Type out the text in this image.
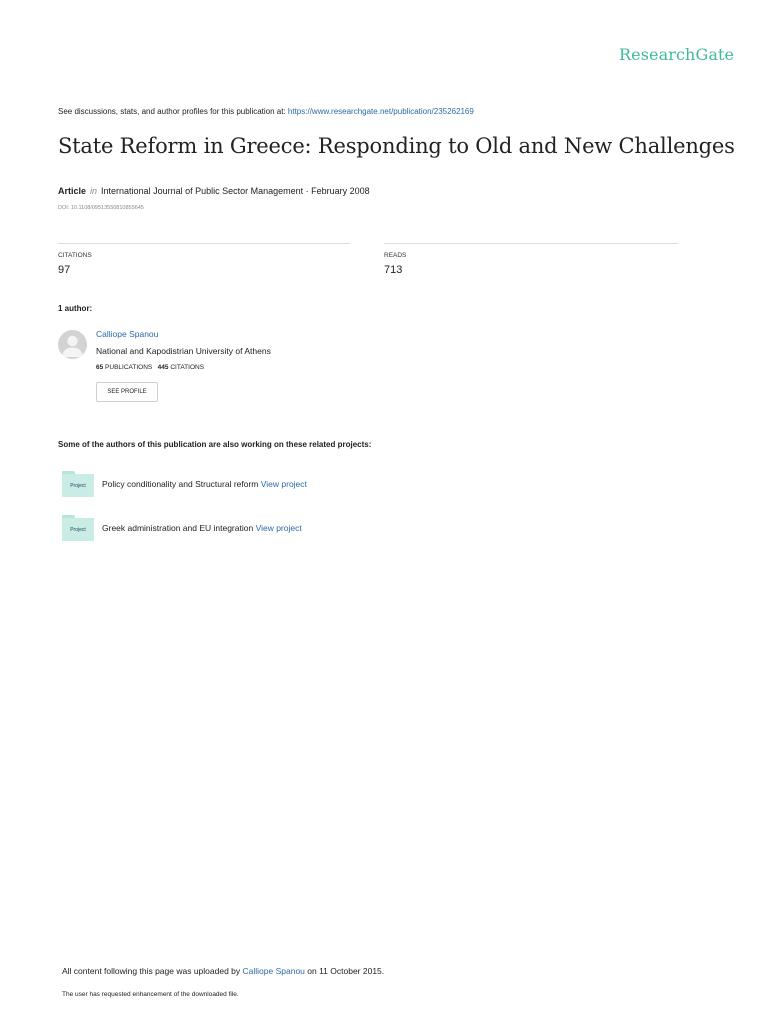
ResearchGate
See discussions, stats, and author profiles for this publication at: https://www.researchgate.net/publication/235262169
State Reform in Greece: Responding to Old and New Challenges
Article in International Journal of Public Sector Management · February 2008
DOI: 10.1108/09513550810855645
CITATIONS
97
READS
713
1 author:
Calliope Spanou
National and Kapodistrian University of Athens
65 PUBLICATIONS 445 CITATIONS
SEE PROFILE
Some of the authors of this publication are also working on these related projects:
Project	Policy conditionality and Structural reform View project
Project	Greek administration and EU integration View project
All content following this page was uploaded by Calliope Spanou on 11 October 2015.
The user has requested enhancement of the downloaded file.
